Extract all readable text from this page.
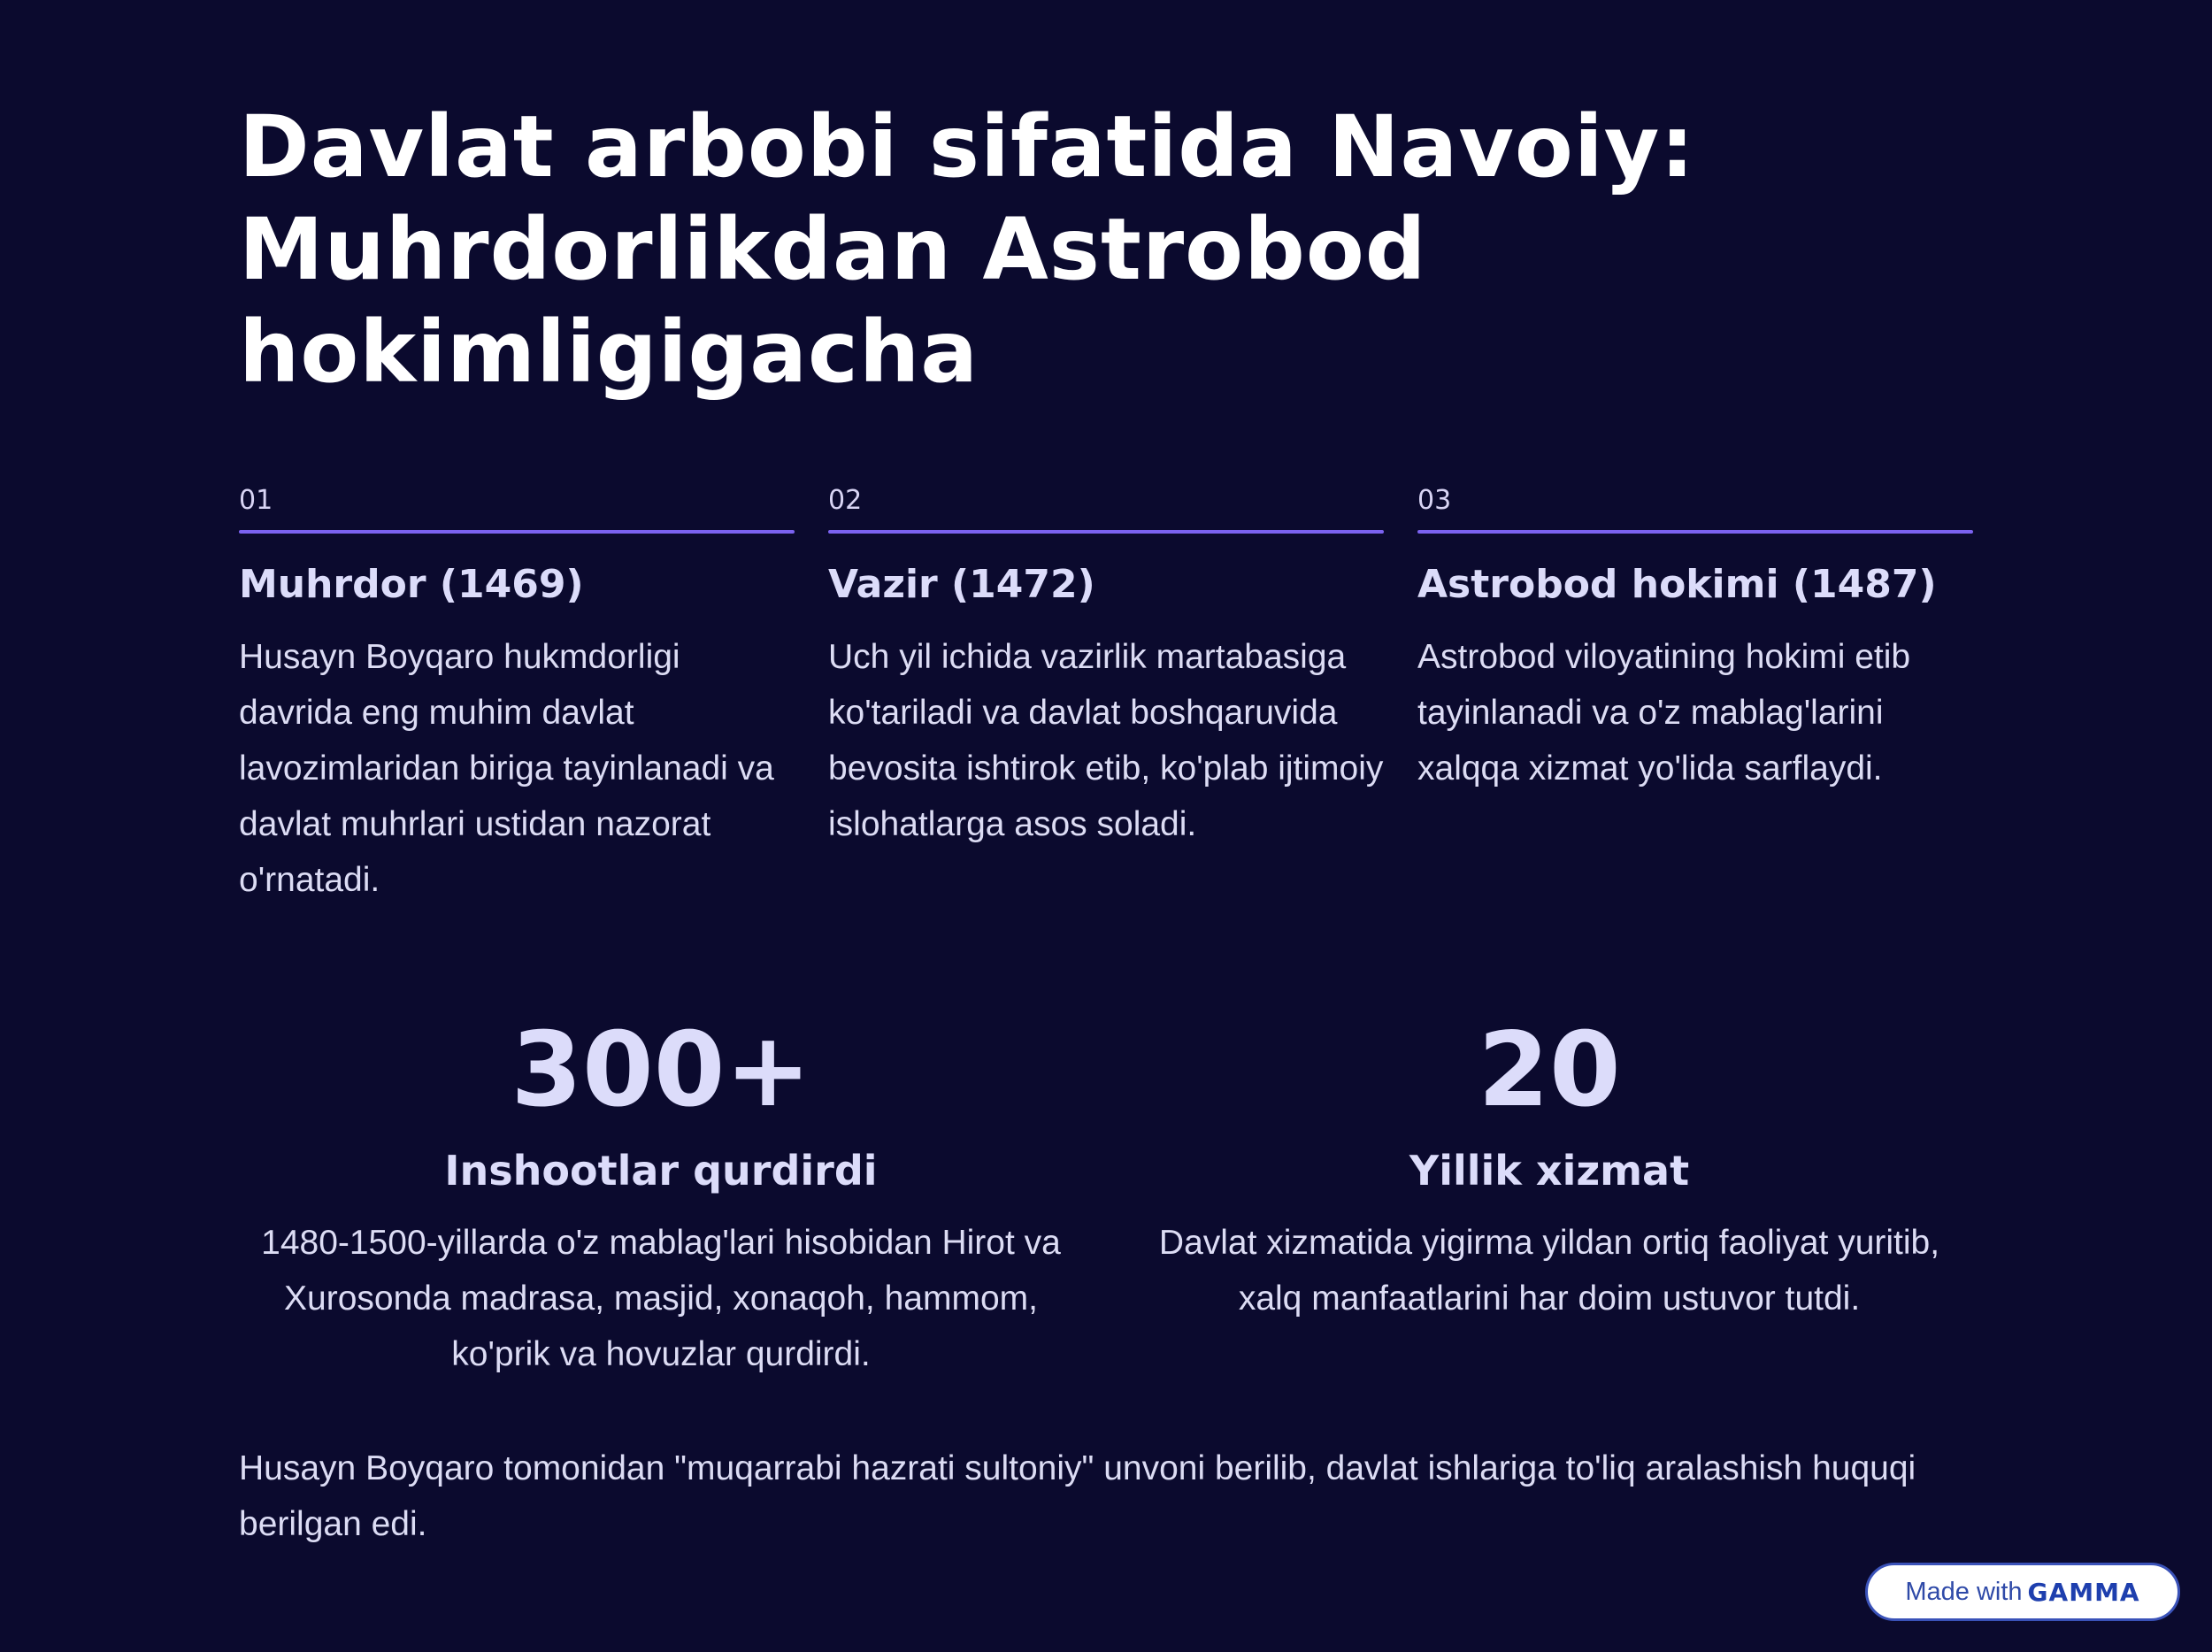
Davlat arbobi sifatida Navoiy: Muhrdorlikdan Astrobod hokimligigacha
01
Muhrdor (1469)
Husayn Boyqaro hukmdorligi davrida eng muhim davlat lavozimlaridan biriga tayinlanadi va davlat muhrlari ustidan nazorat o'rnatadi.
02
Vazir (1472)
Uch yil ichida vazirlik martabasiga ko'tariladi va davlat boshqaruvida bevosita ishtirok etib, ko'plab ijtimoiy islohatlarga asos soladi.
03
Astrobod hokimi (1487)
Astrobod viloyatining hokimi etib tayinlanadi va o'z mablag'larini xalqqa xizmat yo'lida sarflaydi.
300+
Inshootlar qurdirdi
1480-1500-yillarda o'z mablag'lari hisobidan Hirot va Xurosonda madrasa, masjid, xonaqoh, hammom, ko'prik va hovuzlar qurdirdi.
20
Yillik xizmat
Davlat xizmatida yigirma yildan ortiq faoliyat yuritib, xalq manfaatlarini har doim ustuvor tutdi.
Husayn Boyqaro tomonidan "muqarrabi hazrati sultoniy" unvoni berilib, davlat ishlariga to'liq aralashish huquqi berilgan edi.
Made with GAMMA
